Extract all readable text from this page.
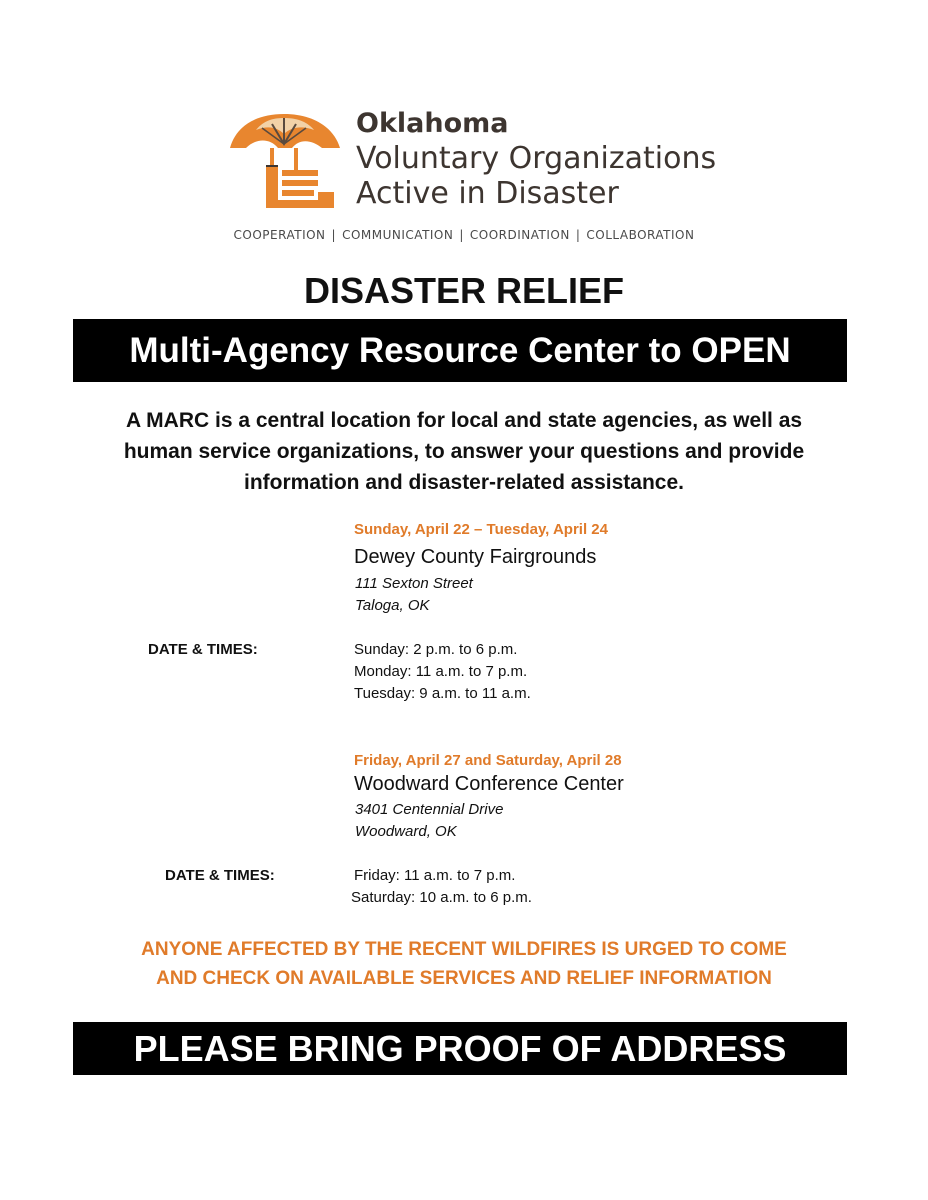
Oklahoma
Voluntary Organizations
Active in Disaster
COOPERATION | COMMUNICATION | COORDINATION | COLLABORATION
DISASTER RELIEF
Multi-Agency Resource Center to OPEN
A MARC is a central location for local and state agencies, as well as
human service organizations, to answer your questions and provide
information and disaster-related assistance.
Sunday, April 22 – Tuesday, April 24
Dewey County Fairgrounds
111 Sexton Street
Taloga, OK
DATE & TIMES:	Sunday: 2 p.m. to 6 p.m.
Monday: 11 a.m. to 7 p.m.
Tuesday: 9 a.m. to 11 a.m.
Friday, April 27 and Saturday, April 28
Woodward Conference Center
3401 Centennial Drive
Woodward, OK
DATE & TIMES:	Friday: 11 a.m. to 7 p.m.
Saturday: 10 a.m. to 6 p.m.
ANYONE AFFECTED BY THE RECENT WILDFIRES IS URGED TO COME
AND CHECK ON AVAILABLE SERVICES AND RELIEF INFORMATION
PLEASE BRING PROOF OF ADDRESS
